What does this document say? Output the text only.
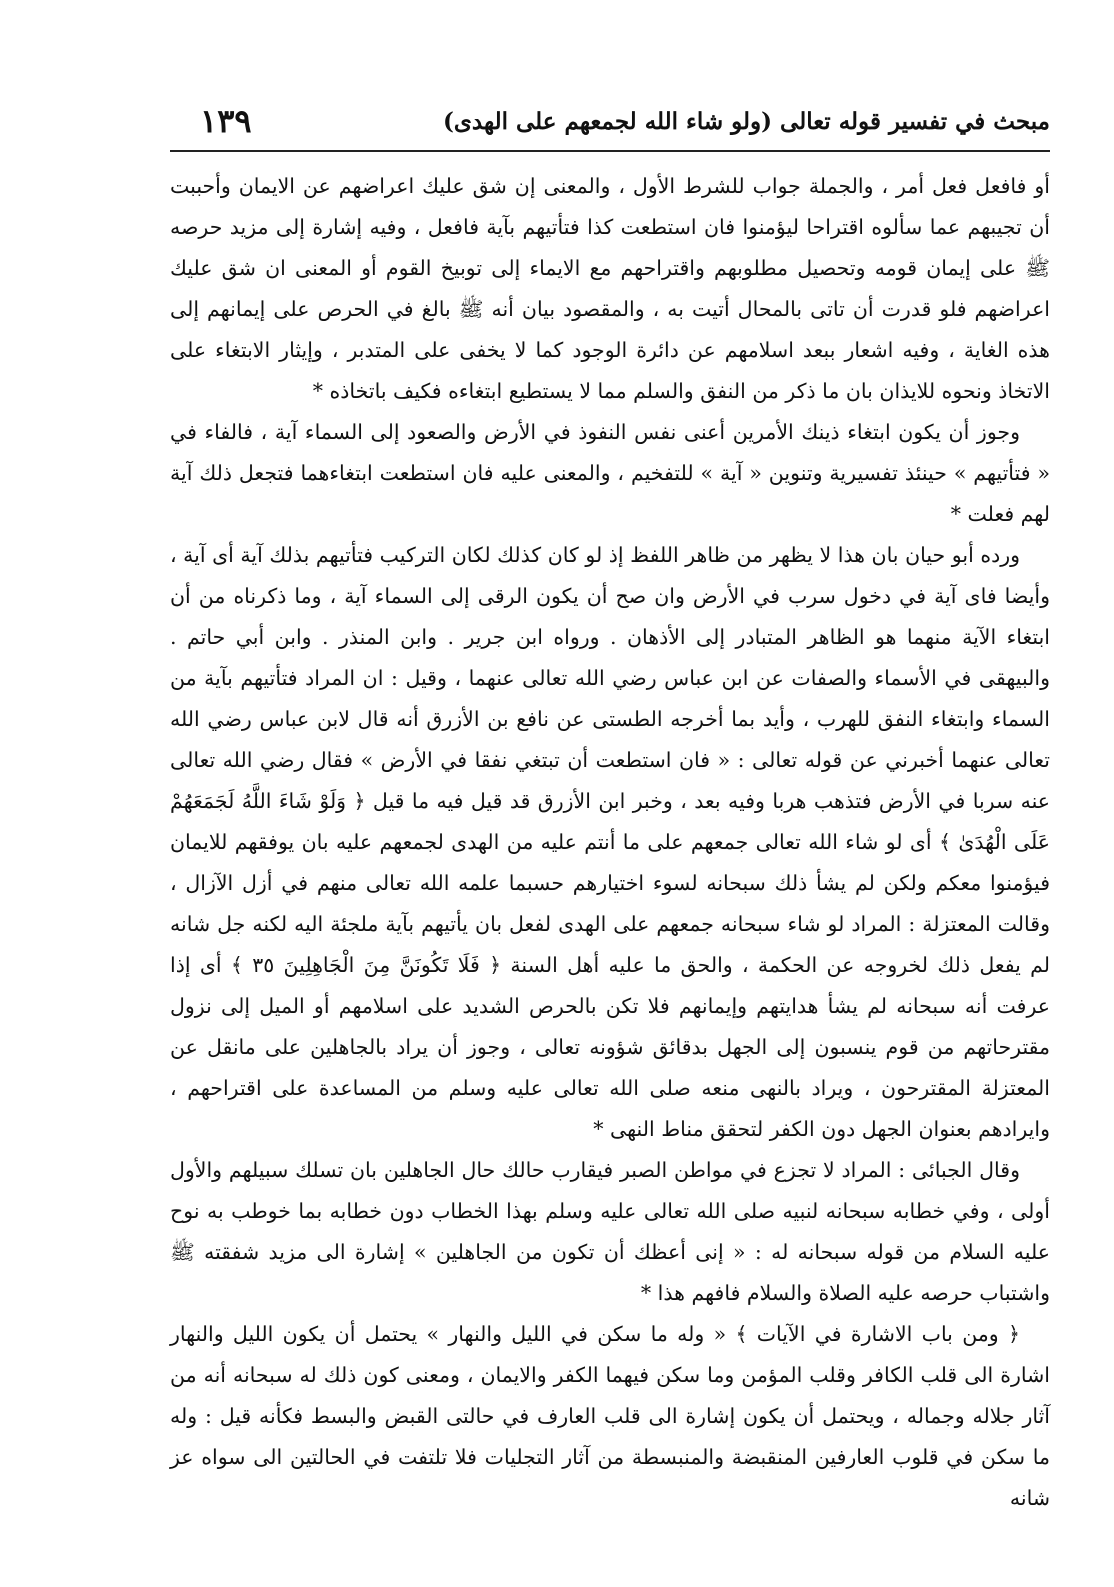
١٣٩	مبحث في تفسير قوله تعالى (ولو شاء الله لجمعهم على الهدى)

أو فافعل فعل أمر ، والجملة جواب للشرط الأول ، والمعنى إن شق عليك اعراضهم عن الايمان وأحببت أن تجيبهم عما سألوه اقتراحا ليؤمنوا فان استطعت كذا فتأتيهم بآية فافعل ، وفيه إشارة إلى مزيد حرصه ﷺ على إيمان قومه وتحصيل مطلوبهم واقتراحهم مع الايماء إلى توبيخ القوم أو المعنى ان شق عليك اعراضهم فلو قدرت أن تاتى بالمحال أتيت به ، والمقصود بيان أنه ﷺ بالغ في الحرص على إيمانهم إلى هذه الغاية ، وفيه اشعار ببعد اسلامهم عن دائرة الوجود كما لا يخفى على المتدبر ، وإيثار الابتغاء على الاتخاذ ونحوه للايذان بان ما ذكر من النفق والسلم مما لا يستطيع ابتغاءه فكيف باتخاذه *

وجوز أن يكون ابتغاء ذينك الأمرين أعنى نفس النفوذ في الأرض والصعود إلى السماء آية ، فالفاء في « فتأتيهم » حينئذ تفسيرية وتنوين « آية » للتفخيم ، والمعنى عليه فان استطعت ابتغاءهما فتجعل ذلك آية لهم فعلت *

ورده أبو حيان بان هذا لا يظهر من ظاهر اللفظ إذ لو كان كذلك لكان التركيب فتأتيهم بذلك آية أى آية ، وأيضا فاى آية في دخول سرب في الأرض وان صح أن يكون الرقى إلى السماء آية ، وما ذكرناه من أن ابتغاء الآية منهما هو الظاهر المتبادر إلى الأذهان . ورواه ابن جرير . وابن المنذر . وابن أبي حاتم . والبيهقى في الأسماء والصفات عن ابن عباس رضي الله تعالى عنهما ، وقيل : ان المراد فتأتيهم بآية من السماء وابتغاء النفق للهرب ، وأيد بما أخرجه الطستى عن نافع بن الأزرق أنه قال لابن عباس رضي الله تعالى عنهما أخبرني عن قوله تعالى : « فان استطعت أن تبتغي نفقا في الأرض » فقال رضي الله تعالى عنه سربا في الأرض فتذهب هربا وفيه بعد ، وخبر ابن الأزرق قد قيل فيه ما قيل ﴿ وَلَوْ شَاءَ اللَّهُ لَجَمَعَهُمْ عَلَى الْهُدَىٰ ﴾ أى لو شاء الله تعالى جمعهم على ما أنتم عليه من الهدى لجمعهم عليه بان يوفقهم للايمان فيؤمنوا معكم ولكن لم يشأ ذلك سبحانه لسوء اختيارهم حسبما علمه الله تعالى منهم في أزل الآزال ، وقالت المعتزلة : المراد لو شاء سبحانه جمعهم على الهدى لفعل بان يأتيهم بآية ملجئة اليه لكنه جل شانه لم يفعل ذلك لخروجه عن الحكمة ، والحق ما عليه أهل السنة ﴿ فَلَا تَكُونَنَّ مِنَ الْجَاهِلِينَ ٣٥ ﴾ أى إذا عرفت أنه سبحانه لم يشأ هدايتهم وإيمانهم فلا تكن بالحرص الشديد على اسلامهم أو الميل إلى نزول مقترحاتهم من قوم ينسبون إلى الجهل بدقائق شؤونه تعالى ، وجوز أن يراد بالجاهلين على مانقل عن المعتزلة المقترحون ، ويراد بالنهى منعه صلى الله تعالى عليه وسلم من المساعدة على اقتراحهم ، وايرادهم بعنوان الجهل دون الكفر لتحقق مناط النهى *

وقال الجبائى : المراد لا تجزع في مواطن الصبر فيقارب حالك حال الجاهلين بان تسلك سبيلهم والأول أولى ، وفي خطابه سبحانه لنبيه صلى الله تعالى عليه وسلم بهذا الخطاب دون خطابه بما خوطب به نوح عليه السلام من قوله سبحانه له : « إنى أعظك أن تكون من الجاهلين » إشارة الى مزيد شفقته ﷺ واشتباب حرصه عليه الصلاة والسلام فافهم هذا *

﴿ ومن باب الاشارة في الآيات ﴾ « وله ما سكن في الليل والنهار » يحتمل أن يكون الليل والنهار اشارة الى قلب الكافر وقلب المؤمن وما سكن فيهما الكفر والايمان ، ومعنى كون ذلك له سبحانه أنه من آثار جلاله وجماله ، ويحتمل أن يكون إشارة الى قلب العارف في حالتى القبض والبسط فكأنه قيل : وله ما سكن في قلوب العارفين المنقبضة والمنبسطة من آثار التجليات فلا تلتفت في الحالتين الى سواه عز شانه
